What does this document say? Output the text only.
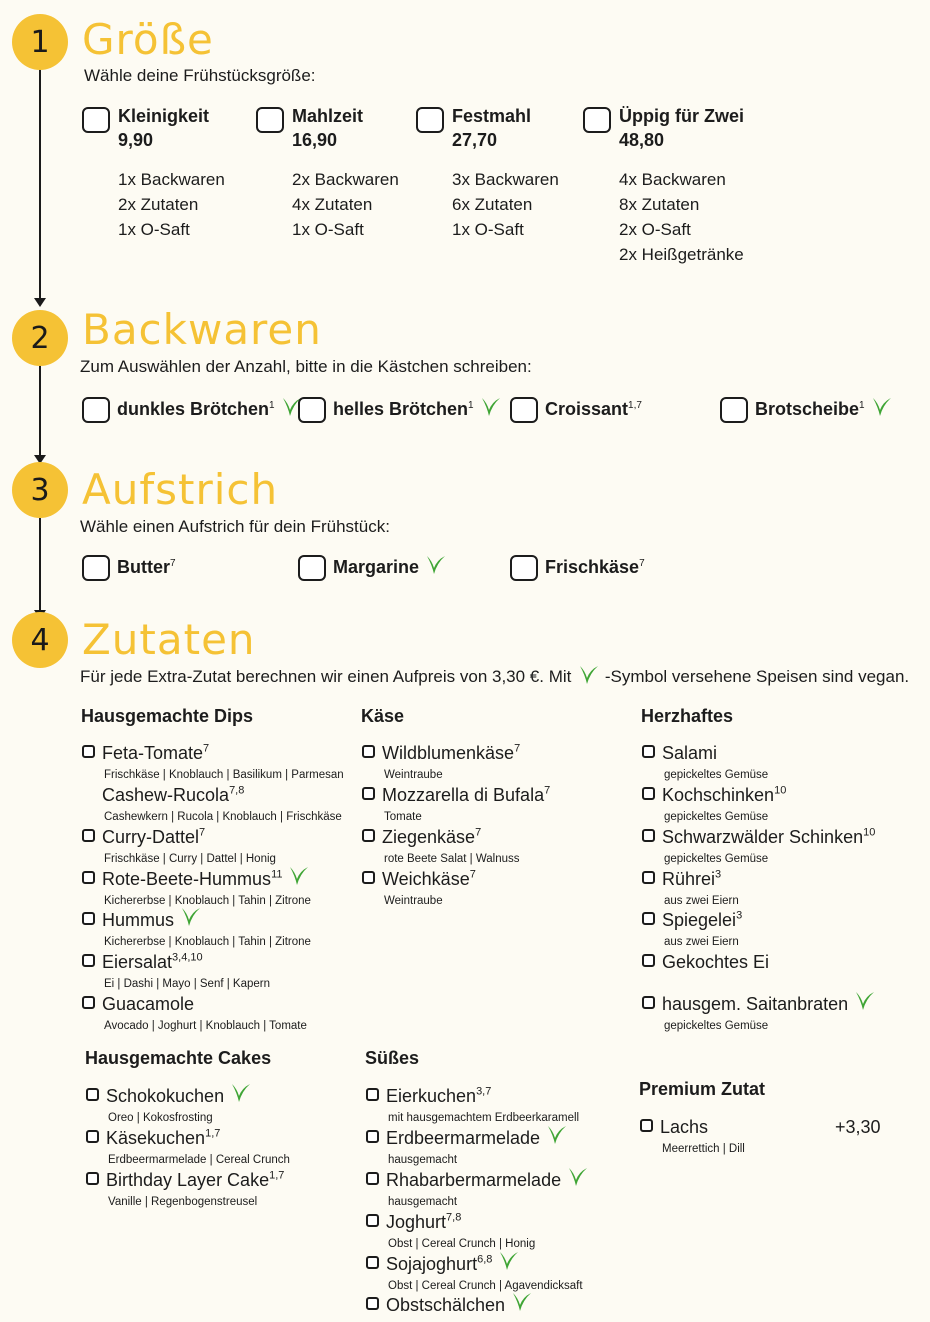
1 Größe
Wähle deine Frühstücksgröße:
Kleinigkeit
9,90
1x Backwaren
2x Zutaten
1x O-Saft
Mahlzeit
16,90
2x Backwaren
4x Zutaten
1x O-Saft
Festmahl
27,70
3x Backwaren
6x Zutaten
1x O-Saft
Üppig für Zwei
48,80
4x Backwaren
8x Zutaten
2x O-Saft
2x Heißgetränke
2 Backwaren
Zum Auswählen der Anzahl, bitte in die Kästchen schreiben:
dunkles Brötchen$^1$	helles Brötchen$^1$	Croissant$^{1,7}$	Brotscheibe$^1$
3 Aufstrich
Wähle einen Aufstrich für dein Frühstück:
Butter$^7$	Margarine	Frischkäse$^7$
4 Zutaten
Für jede Extra-Zutat berechnen wir einen Aufpreis von 3,30 €. Mit -Symbol versehene Speisen sind vegan.
Hausgemachte Dips
Feta-Tomate$^7$
Frischkäse | Knoblauch | Basilikum | Parmesan
Cashew-Rucola$^{7,8}$
Cashewkern | Rucola | Knoblauch | Frischkäse
Curry-Dattel$^7$
Frischkäse | Curry | Dattel | Honig
Rote-Beete-Hummus$^{11}$
Kichererbse | Knoblauch | Tahin | Zitrone
Hummus
Kichererbse | Knoblauch | Tahin | Zitrone
Eiersalat$^{3,4,10}$
Ei | Dashi | Mayo | Senf | Kapern
Guacamole
Avocado | Joghurt | Knoblauch | Tomate
Käse
Wildblumenkäse$^7$
Weintraube
Mozzarella di Bufala$^7$
Tomate
Ziegenkäse$^7$
rote Beete Salat | Walnuss
Weichkäse$^7$
Weintraube
Herzhaftes
Salami
gepickeltes Gemüse
Kochschinken$^{10}$
gepickeltes Gemüse
Schwarzwälder Schinken$^{10}$
gepickeltes Gemüse
Rührei$^3$
aus zwei Eiern
Spiegelei$^3$
aus zwei Eiern
Gekochtes Ei
hausgem. Saitanbraten
gepickeltes Gemüse
Hausgemachte Cakes
Schokokuchen
Oreo | Kokosfrosting
Käsekuchen$^{1,7}$
Erdbeermarmelade | Cereal Crunch
Birthday Layer Cake$^{1,7}$
Vanille | Regenbogenstreusel
Süßes
Eierkuchen$^{3,7}$
mit hausgemachtem Erdbeerkaramell
Erdbeermarmelade
hausgemacht
Rhabarbermarmelade
hausgemacht
Joghurt$^{7,8}$
Obst | Cereal Crunch | Honig
Sojajoghurt$^{6,8}$
Obst | Cereal Crunch | Agavendicksaft
Obstschälchen
Premium Zutat
Lachs	+3,30
Meerrettich | Dill
